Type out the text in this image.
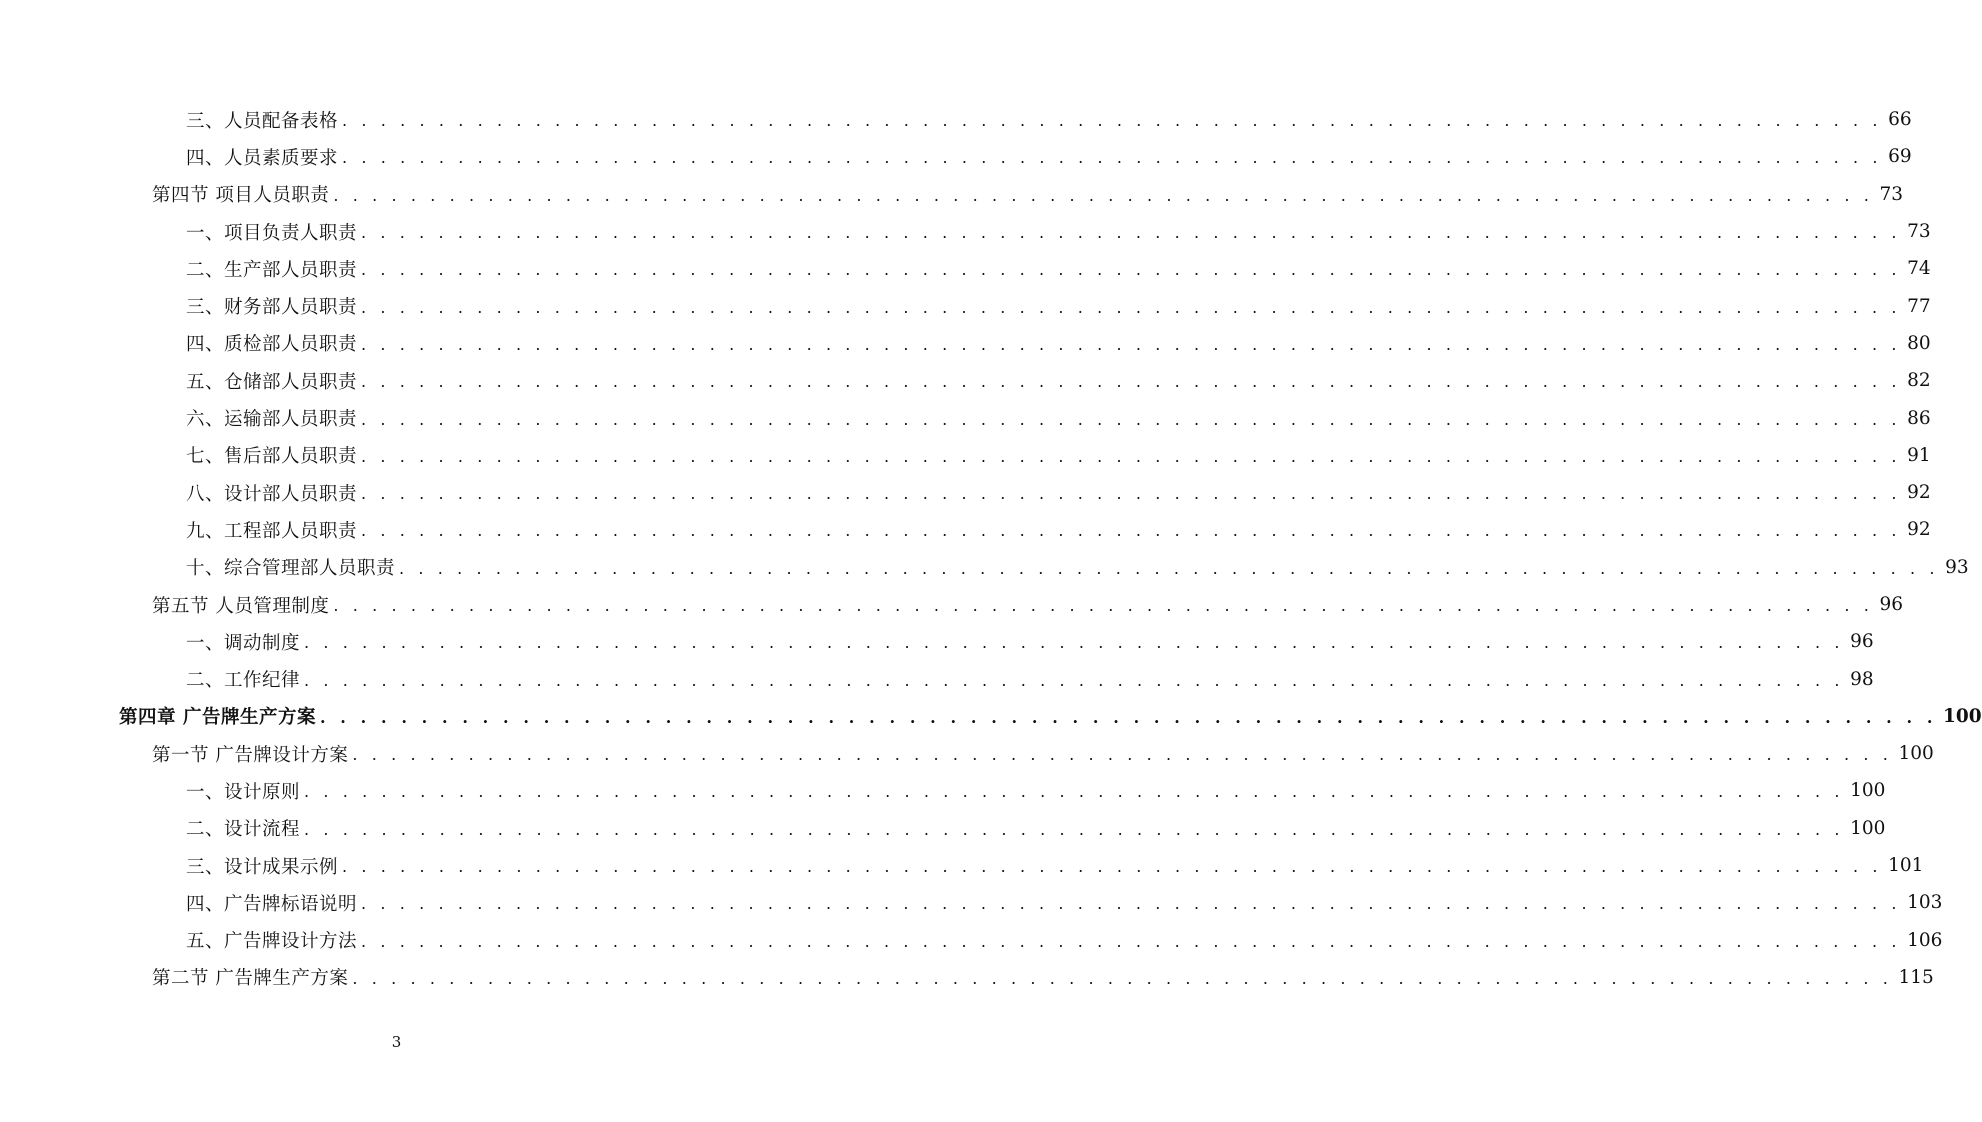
三、人员配备表格 . . . . . . . . . . . . . . . . . . . . . . . . . . . . . . . . . . . . . . . . . . . . . . . . . . . . . . . . . . . . . . . . . . . . . . . . . . . . . . . . 66
四、人员素质要求 . . . . . . . . . . . . . . . . . . . . . . . . . . . . . . . . . . . . . . . . . . . . . . . . . . . . . . . . . . . . . . . . . . . . . . . . . . . . . . . . 69
第四节 项目人员职责 . . . . . . . . . . . . . . . . . . . . . . . . . . . . . . . . . . . . . . . . . . . . . . . . . . . . . . . . . . . . . . . . . . . . . . . . . . . . . . . . 73
一、项目负责人职责 . . . . . . . . . . . . . . . . . . . . . . . . . . . . . . . . . . . . . . . . . . . . . . . . . . . . . . . . . . . . . . . . . . . . . . . . . . . . . . . . 73
二、生产部人员职责 . . . . . . . . . . . . . . . . . . . . . . . . . . . . . . . . . . . . . . . . . . . . . . . . . . . . . . . . . . . . . . . . . . . . . . . . . . . . . . . . 74
三、财务部人员职责 . . . . . . . . . . . . . . . . . . . . . . . . . . . . . . . . . . . . . . . . . . . . . . . . . . . . . . . . . . . . . . . . . . . . . . . . . . . . . . . . 77
四、质检部人员职责 . . . . . . . . . . . . . . . . . . . . . . . . . . . . . . . . . . . . . . . . . . . . . . . . . . . . . . . . . . . . . . . . . . . . . . . . . . . . . . . . 80
五、仓储部人员职责 . . . . . . . . . . . . . . . . . . . . . . . . . . . . . . . . . . . . . . . . . . . . . . . . . . . . . . . . . . . . . . . . . . . . . . . . . . . . . . . . 82
六、运输部人员职责 . . . . . . . . . . . . . . . . . . . . . . . . . . . . . . . . . . . . . . . . . . . . . . . . . . . . . . . . . . . . . . . . . . . . . . . . . . . . . . . . 86
七、售后部人员职责 . . . . . . . . . . . . . . . . . . . . . . . . . . . . . . . . . . . . . . . . . . . . . . . . . . . . . . . . . . . . . . . . . . . . . . . . . . . . . . . . 91
八、设计部人员职责 . . . . . . . . . . . . . . . . . . . . . . . . . . . . . . . . . . . . . . . . . . . . . . . . . . . . . . . . . . . . . . . . . . . . . . . . . . . . . . . . 92
九、工程部人员职责 . . . . . . . . . . . . . . . . . . . . . . . . . . . . . . . . . . . . . . . . . . . . . . . . . . . . . . . . . . . . . . . . . . . . . . . . . . . . . . . . 92
十、综合管理部人员职责 . . . . . . . . . . . . . . . . . . . . . . . . . . . . . . . . . . . . . . . . . . . . . . . . . . . . . . . . . . . . . . . . . . . . . . . . . . . . . . . . 93
第五节 人员管理制度 . . . . . . . . . . . . . . . . . . . . . . . . . . . . . . . . . . . . . . . . . . . . . . . . . . . . . . . . . . . . . . . . . . . . . . . . . . . . . . . . 96
一、调动制度 . . . . . . . . . . . . . . . . . . . . . . . . . . . . . . . . . . . . . . . . . . . . . . . . . . . . . . . . . . . . . . . . . . . . . . . . . . . . . . . . 96
二、工作纪律 . . . . . . . . . . . . . . . . . . . . . . . . . . . . . . . . . . . . . . . . . . . . . . . . . . . . . . . . . . . . . . . . . . . . . . . . . . . . . . . . 98
第四章 广告牌生产方案 . . . . . . . . . . . . . . . . . . . . . . . . . . . . . . . . . . . . . . . . . . . . . . . . . . . . . . . . . . . . . . . . . . . . . . . . . . . . . . . . 100
第一节 广告牌设计方案 . . . . . . . . . . . . . . . . . . . . . . . . . . . . . . . . . . . . . . . . . . . . . . . . . . . . . . . . . . . . . . . . . . . . . . . . . . . . . . . . 100
一、设计原则 . . . . . . . . . . . . . . . . . . . . . . . . . . . . . . . . . . . . . . . . . . . . . . . . . . . . . . . . . . . . . . . . . . . . . . . . . . . . . . . . 100
二、设计流程 . . . . . . . . . . . . . . . . . . . . . . . . . . . . . . . . . . . . . . . . . . . . . . . . . . . . . . . . . . . . . . . . . . . . . . . . . . . . . . . . 100
三、设计成果示例 . . . . . . . . . . . . . . . . . . . . . . . . . . . . . . . . . . . . . . . . . . . . . . . . . . . . . . . . . . . . . . . . . . . . . . . . . . . . . . . . 101
四、广告牌标语说明 . . . . . . . . . . . . . . . . . . . . . . . . . . . . . . . . . . . . . . . . . . . . . . . . . . . . . . . . . . . . . . . . . . . . . . . . . . . . . . . . 103
五、广告牌设计方法 . . . . . . . . . . . . . . . . . . . . . . . . . . . . . . . . . . . . . . . . . . . . . . . . . . . . . . . . . . . . . . . . . . . . . . . . . . . . . . . . 106
第二节 广告牌生产方案 . . . . . . . . . . . . . . . . . . . . . . . . . . . . . . . . . . . . . . . . . . . . . . . . . . . . . . . . . . . . . . . . . . . . . . . . . . . . . . . . 115
3
